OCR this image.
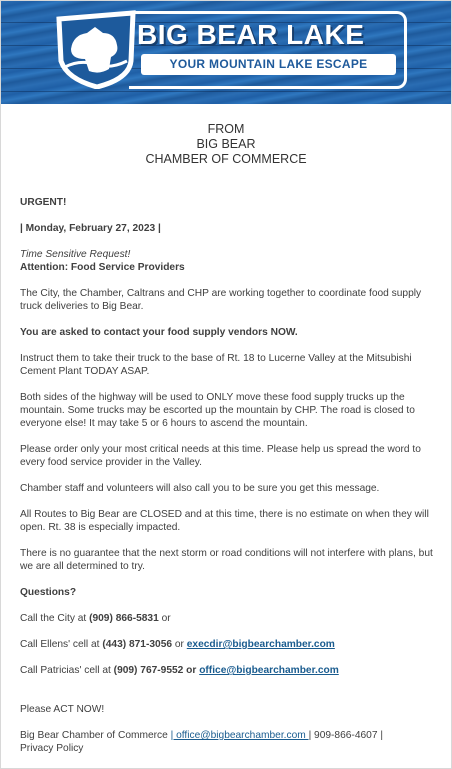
BIG BEAR LAKE
YOUR MOUNTAIN LAKE ESCAPE
FROM
BIG BEAR
CHAMBER OF COMMERCE
URGENT!
| Monday, February 27, 2023 |
Time Sensitive Request!
Attention: Food Service Providers
The City, the Chamber, Caltrans and CHP are working together to coordinate food supply truck deliveries to Big Bear.
You are asked to contact your food supply vendors NOW.
Instruct them to take their truck to the base of Rt. 18 to Lucerne Valley at the Mitsubishi Cement Plant TODAY ASAP.
Both sides of the highway will be used to ONLY move these food supply trucks up the mountain. Some trucks may be escorted up the mountain by CHP. The road is closed to everyone else! It may take 5 or 6 hours to ascend the mountain.
Please order only your most critical needs at this time. Please help us spread the word to every food service provider in the Valley.
Chamber staff and volunteers will also call you to be sure you get this message.
All Routes to Big Bear are CLOSED and at this time, there is no estimate on when they will open. Rt. 38 is especially impacted.
There is no guarantee that the next storm or road conditions will not interfere with plans, but we are all determined to try.
Questions?
Call the City at (909) 866-5831 or
Call Ellens' cell at (443) 871-3056 or execdir@bigbearchamber.com
Call Patricias' cell at (909) 767-9552 or office@bigbearchamber.com
Please ACT NOW!
Big Bear Chamber of Commerce | office@bigbearchamber.com | 909-866-4607 |
Privacy Policy
